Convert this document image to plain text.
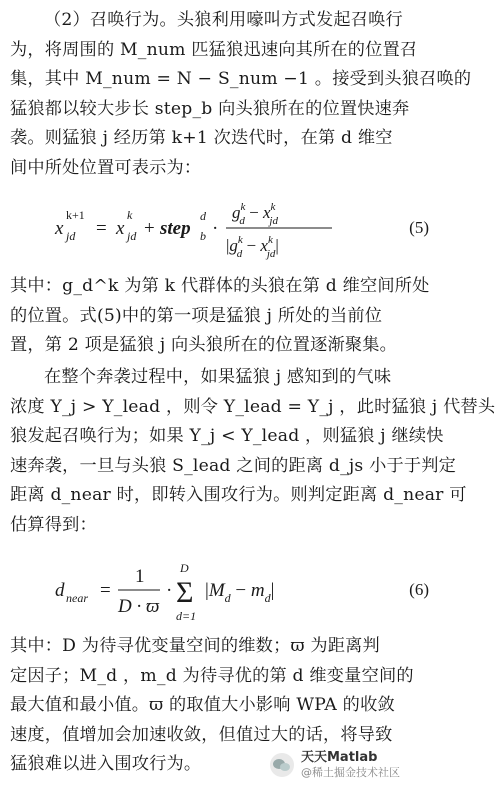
（2）召唤行为。头狼利用嚎叫方式发起召唤行
为，将周围的 M_num 匹猛狼迅速向其所在的位置召
集，其中 M_num = N − S_num −1 。接受到头狼召唤的
猛狼都以较大步长 step_b 向头狼所在的位置快速奔
袭。则猛狼 j 经历第 k+1 次迭代时，在第 d 维空
间中所处位置可表示为：
x
k+1
jd = x
k
jd + step
d
b ·
$g^k$ $d - x^k$ jd
$|g^k$ $d - x^k$ jd|
(5)
其中：g_d^k 为第 k 代群体的头狼在第 d 维空间所处
的位置。式(5)中的第一项是猛狼 j 所处的当前位
置，第 2 项是猛狼 j 向头狼所在的位置逐渐聚集。
在整个奔袭过程中，如果猛狼 j 感知到的气味
浓度 Y_j > Y_lead ，则令 Y_lead = Y_j ，此时猛狼 j 代替头
狼发起召唤行为；如果 Y_j < Y_lead ，则猛狼 j 继续快
速奔袭，一旦与头狼 S_lead 之间的距离 d_js 小于于判定
距离 d_near 时，即转入围攻行为。则判定距离 d_near 可
估算得到：
d near =
1
D · ϖ
·
D
Σ
d=1
$|M_d - m_d|$	(6)
其中：D 为待寻优变量空间的维数；ϖ 为距离判
定因子；M_d ，m_d 为待寻优的第 d 维变量空间的
最大值和最小值。ϖ 的取值大小影响 WPA 的收敛
速度，值增加会加速收敛，但值过大的话，将导致
猛狼难以进入围攻行为。	天天Matlab
@稀土掘金技术社区
